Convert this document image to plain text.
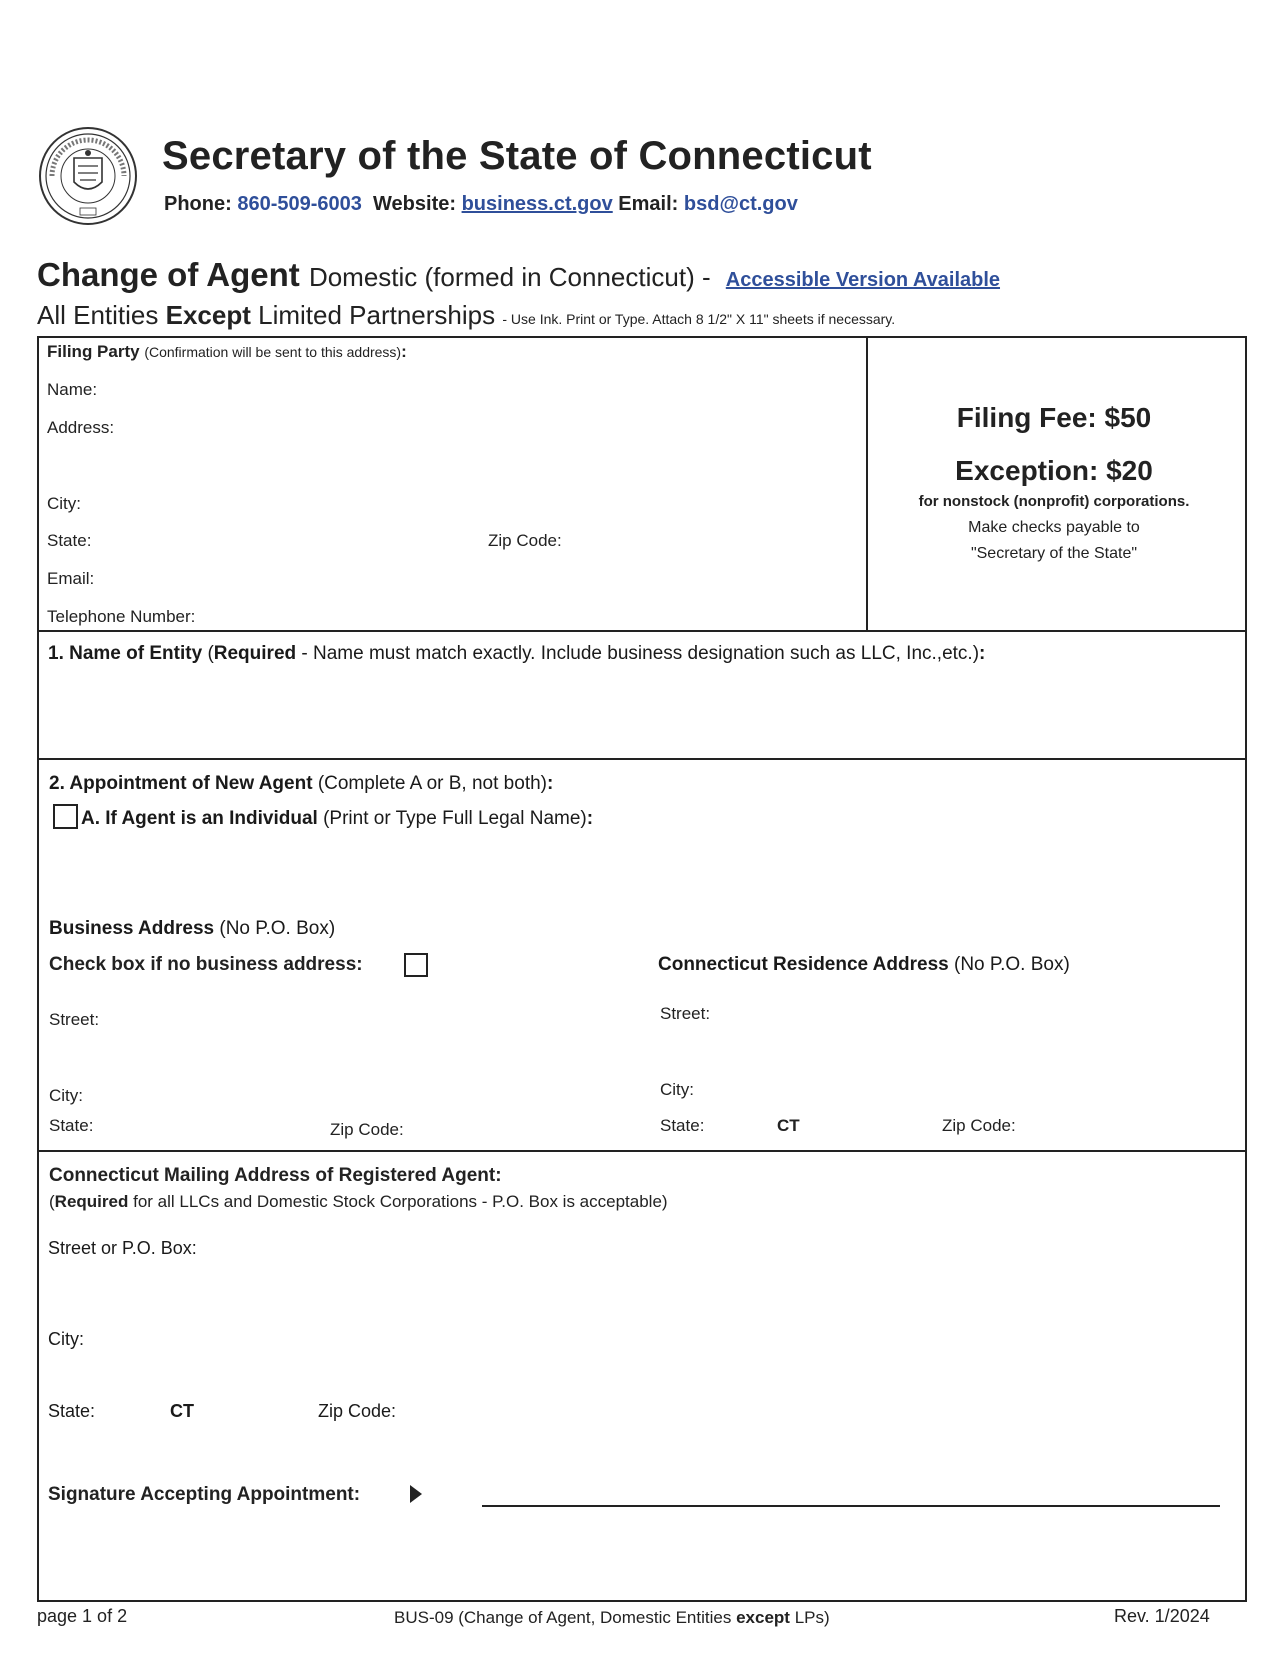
Secretary of the State of Connecticut
Phone: 860-509-6003 Website: business.ct.gov Email: bsd@ct.gov
Change of Agent Domestic (formed in Connecticut) - Accessible Version Available
All Entities Except Limited Partnerships - Use Ink. Print or Type. Attach 8 1/2" X 11" sheets if necessary.
Filing Party (Confirmation will be sent to this address):
Name:
Address:
City:
State:	Zip Code:
Email:
Telephone Number:
Filing Fee: $50
Exception: $20
for nonstock (nonprofit) corporations.
Make checks payable to
"Secretary of the State"
1. Name of Entity (Required - Name must match exactly. Include business designation such as LLC, Inc.,etc.):
2. Appointment of New Agent (Complete A or B, not both):
A. If Agent is an Individual (Print or Type Full Legal Name):
Business Address (No P.O. Box)
Check box if no business address:
Street:
City:
State:	Zip Code:
Connecticut Residence Address (No P.O. Box)
Street:
City:
State:	CT	Zip Code:
Connecticut Mailing Address of Registered Agent:
(Required for all LLCs and Domestic Stock Corporations - P.O. Box is acceptable)
Street or P.O. Box:
City:
State:	CT	Zip Code:
Signature Accepting Appointment:
page 1 of 2	BUS-09 (Change of Agent, Domestic Entities except LPs)	Rev. 1/2024
